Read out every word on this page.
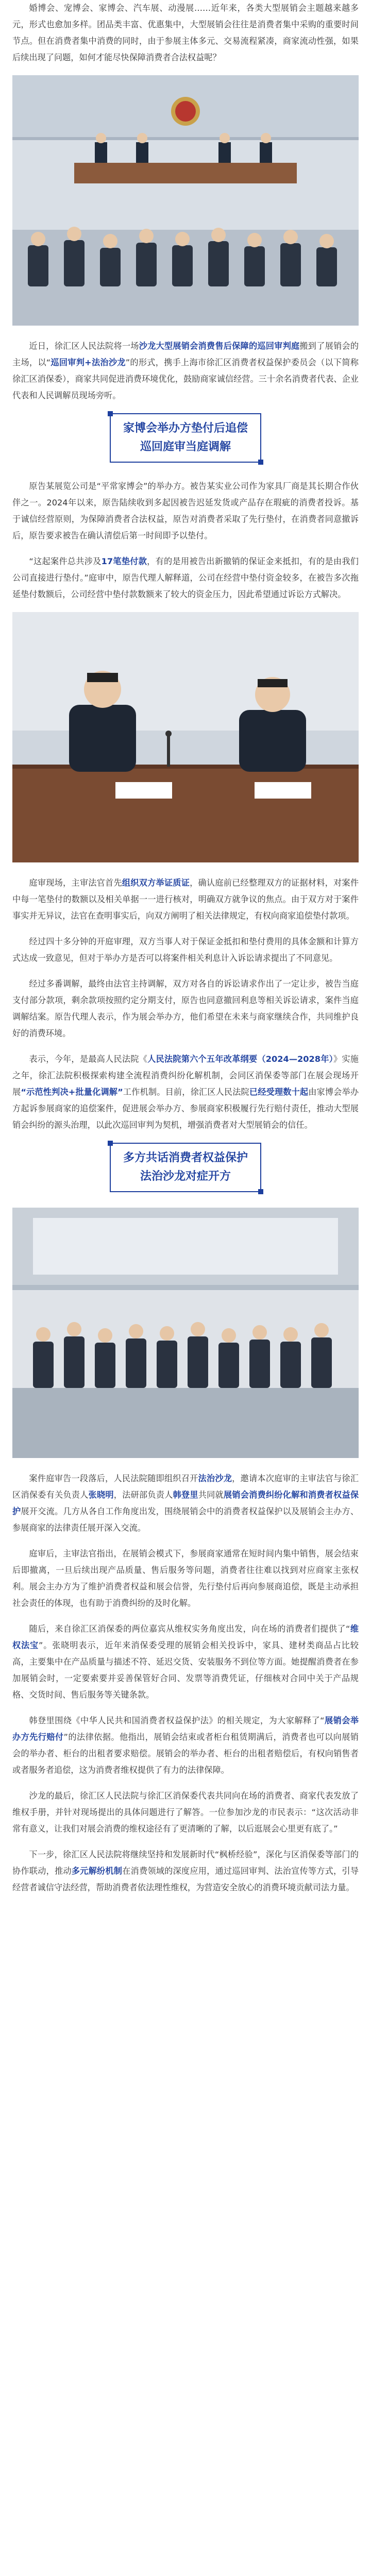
婚博会、宠博会、家博会、汽车展、动漫展……近年来，各类大型展销会主题越来越多元，形式也愈加多样。团品类丰富、优惠集中，大型展销会往往是消费者集中采购的重要时间节点。但在消费者集中消费的同时，由于参展主体多元、交易流程紧凑，商家流动性强，如果后续出现了问题，如何才能尽快保障消费者合法权益呢？

近日，徐汇区人民法院将一场沙龙大型展销会消费售后保障的巡回审判庭搬到了展销会的主场，以“巡回审判+法治沙龙”的形式，携手上海市徐汇区消费者权益保护委员会（以下简称徐汇区消保委），商家共同促进消费环境优化，鼓励商家诚信经营。三十余名消费者代表、企业代表和人民调解员现场旁听。

家博会举办方垫付后追偿
巡回庭审当庭调解

原告某展览公司是“平常家博会”的举办方。被告某实业公司作为家具厂商是其长期合作伙伴之一。2024年以来，原告陆续收到多起因被告迟延发货或产品存在瑕疵的消费者投诉。基于诚信经营原则，为保障消费者合法权益，原告对消费者采取了先行垫付，在消费者同意撤诉后，原告要求被告在确认清偿后第一时间即予以垫付。

“这起案件总共涉及17笔垫付款，有的是用被告出新撤销的保证金来抵扣，有的是由我们公司直接进行垫付。”庭审中，原告代理人解释道，公司在经营中垫付资金较多，在被告多次拖延垫付数额后，公司经营中垫付款数额来了较大的资金压力，因此希望通过诉讼方式解决。

庭审现场，主审法官首先组织双方举证质证，确认庭前已经整理双方的证据材料，对案件中每一笔垫付的数额以及相关单据一一进行核对，明确双方就争议的焦点。由于双方对于案件事实并无异议，法官在查明事实后，向双方阐明了相关法律规定，有权向商家追偿垫付款项。

经过四十多分钟的开庭审理，双方当事人对于保证金抵扣和垫付费用的具体金额和计算方式达成一致意见，但对于举办方是否可以将案件相关利息计入诉讼请求提出了不同意见。

经过多番调解，最终由法官主持调解，双方对各自的诉讼请求作出了一定让步，被告当庭支付部分款项，剩余款项按照约定分期支付，原告也同意撤回利息等相关诉讼请求，案件当庭调解结案。原告代理人表示，作为展会举办方，他们希望在未来与商家继续合作，共同维护良好的消费环境。

表示，今年，是最高人民法院《人民法院第六个五年改革纲要（2024—2028年）》实施之年，徐汇法院积极探索构建全流程消费纠纷化解机制，会同区消保委等部门在展会现场开展“示范性判决+批量化调解”工作机制。目前，徐汇区人民法院已经受理数十起由家博会举办方起诉参展商家的追偿案件，促进展会举办方、参展商家积极履行先行赔付责任，推动大型展销会纠纷的源头治理，以此次巡回审判为契机，增强消费者对大型展销会的信任。

多方共话消费者权益保护
法治沙龙对症开方

案件庭审告一段落后，人民法院随即组织召开法治沙龙，邀请本次庭审的主审法官与徐汇区消保委有关负责人张晓明，法研部负责人韩登里共同就展销会消费纠纷化解和消费者权益保护展开交流。几方从各自工作角度出发，围绕展销会中的消费者权益保护以及展销会主办方、参展商家的法律责任展开深入交流。

庭审后，主审法官指出，在展销会模式下，参展商家通常在短时间内集中销售，展会结束后即撤离，一旦后续出现产品质量、售后服务等问题，消费者往往难以找到对应商家主张权利。展会主办方为了维护消费者权益和展会信誉，先行垫付后再向参展商追偿，既是主动承担社会责任的体现，也有助于消费纠纷的及时化解。

随后，来自徐汇区消保委的两位嘉宾从维权实务角度出发，向在场的消费者们提供了“维权法宝”。张晓明表示，近年来消保委受理的展销会相关投诉中，家具、建材类商品占比较高，主要集中在产品质量与描述不符、延迟交货、安装服务不到位等方面。她提醒消费者在参加展销会时，一定要索要并妥善保管好合同、发票等消费凭证，仔细核对合同中关于产品规格、交货时间、售后服务等关键条款。

韩登里围绕《中华人民共和国消费者权益保护法》的相关规定，为大家解释了“展销会举办方先行赔付”的法律依据。他指出，展销会结束或者柜台租赁期满后，消费者也可以向展销会的举办者、柜台的出租者要求赔偿。展销会的举办者、柜台的出租者赔偿后，有权向销售者或者服务者追偿，这为消费者维权提供了有力的法律保障。

沙龙的最后，徐汇区人民法院与徐汇区消保委代表共同向在场的消费者、商家代表发放了维权手册，并针对现场提出的具体问题进行了解答。一位参加沙龙的市民表示：“这次活动非常有意义，让我们对展会消费的维权途径有了更清晰的了解，以后逛展会心里更有底了。”

下一步，徐汇区人民法院将继续坚持和发展新时代“枫桥经验”，深化与区消保委等部门的协作联动，推动多元解纷机制在消费领域的深度应用，通过巡回审判、法治宣传等方式，引导经营者诚信守法经营，帮助消费者依法理性维权，为营造安全放心的消费环境贡献司法力量。
